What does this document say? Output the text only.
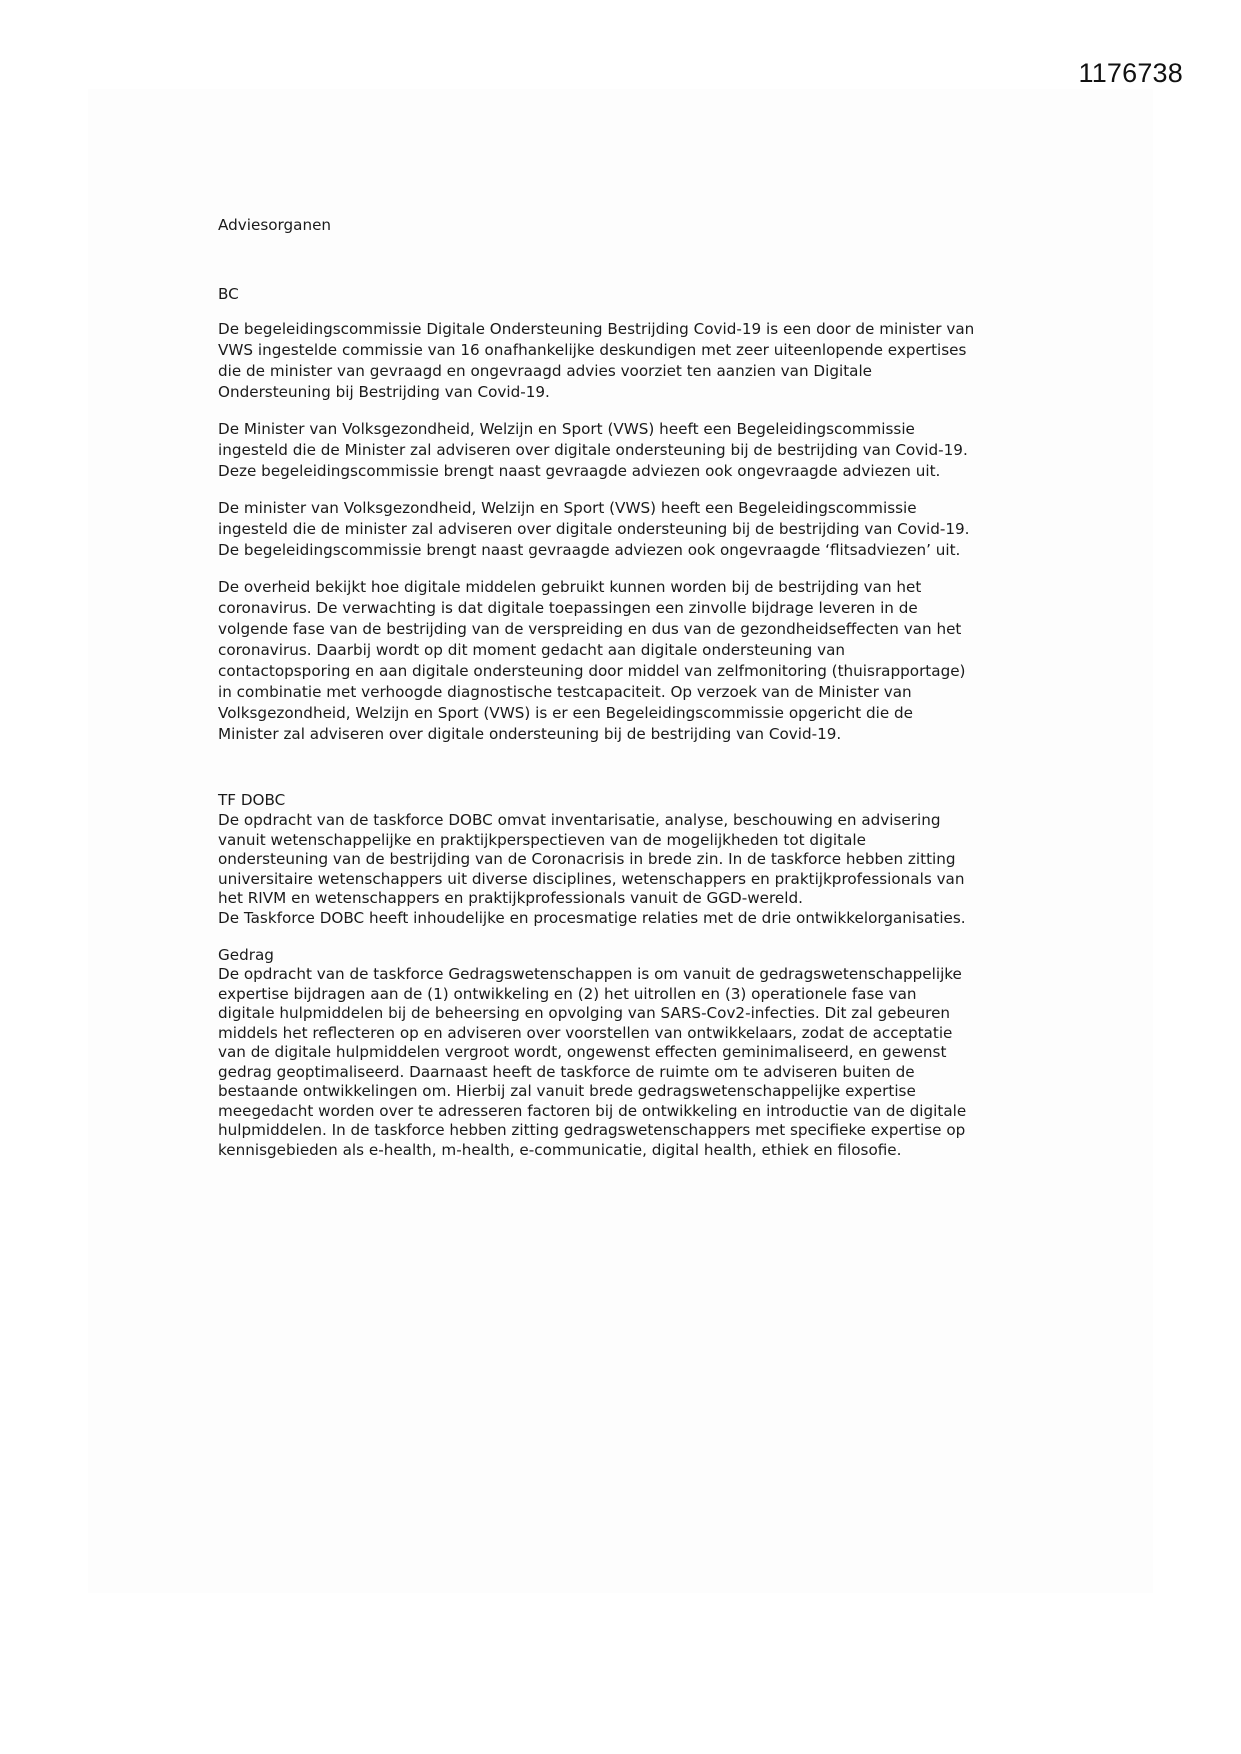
1176738
Adviesorganen
BC
De begeleidingscommissie Digitale Ondersteuning Bestrijding Covid-19 is een door de minister van
VWS ingestelde commissie van 16 onafhankelijke deskundigen met zeer uiteenlopende expertises
die de minister van gevraagd en ongevraagd advies voorziet ten aanzien van Digitale
Ondersteuning bij Bestrijding van Covid-19.
De Minister van Volksgezondheid, Welzijn en Sport (VWS) heeft een Begeleidingscommissie
ingesteld die de Minister zal adviseren over digitale ondersteuning bij de bestrijding van Covid-19.
Deze begeleidingscommissie brengt naast gevraagde adviezen ook ongevraagde adviezen uit.
De minister van Volksgezondheid, Welzijn en Sport (VWS) heeft een Begeleidingscommissie
ingesteld die de minister zal adviseren over digitale ondersteuning bij de bestrijding van Covid-19.
De begeleidingscommissie brengt naast gevraagde adviezen ook ongevraagde ‘flitsadviezen’ uit.
De overheid bekijkt hoe digitale middelen gebruikt kunnen worden bij de bestrijding van het
coronavirus. De verwachting is dat digitale toepassingen een zinvolle bijdrage leveren in de
volgende fase van de bestrijding van de verspreiding en dus van de gezondheidseffecten van het
coronavirus. Daarbij wordt op dit moment gedacht aan digitale ondersteuning van
contactopsporing en aan digitale ondersteuning door middel van zelfmonitoring (thuisrapportage)
in combinatie met verhoogde diagnostische testcapaciteit. Op verzoek van de Minister van
Volksgezondheid, Welzijn en Sport (VWS) is er een Begeleidingscommissie opgericht die de
Minister zal adviseren over digitale ondersteuning bij de bestrijding van Covid-19.
TF DOBC
De opdracht van de taskforce DOBC omvat inventarisatie, analyse, beschouwing en advisering
vanuit wetenschappelijke en praktijkperspectieven van de mogelijkheden tot digitale
ondersteuning van de bestrijding van de Coronacrisis in brede zin. In de taskforce hebben zitting
universitaire wetenschappers uit diverse disciplines, wetenschappers en praktijkprofessionals van
het RIVM en wetenschappers en praktijkprofessionals vanuit de GGD-wereld.
De Taskforce DOBC heeft inhoudelijke en procesmatige relaties met de drie ontwikkelorganisaties.
Gedrag
De opdracht van de taskforce Gedragswetenschappen is om vanuit de gedragswetenschappelijke
expertise bijdragen aan de (1) ontwikkeling en (2) het uitrollen en (3) operationele fase van
digitale hulpmiddelen bij de beheersing en opvolging van SARS-Cov2-infecties. Dit zal gebeuren
middels het reflecteren op en adviseren over voorstellen van ontwikkelaars, zodat de acceptatie
van de digitale hulpmiddelen vergroot wordt, ongewenst effecten geminimaliseerd, en gewenst
gedrag geoptimaliseerd. Daarnaast heeft de taskforce de ruimte om te adviseren buiten de
bestaande ontwikkelingen om. Hierbij zal vanuit brede gedragswetenschappelijke expertise
meegedacht worden over te adresseren factoren bij de ontwikkeling en introductie van de digitale
hulpmiddelen. In de taskforce hebben zitting gedragswetenschappers met specifieke expertise op
kennisgebieden als e-health, m-health, e-communicatie, digital health, ethiek en filosofie.
